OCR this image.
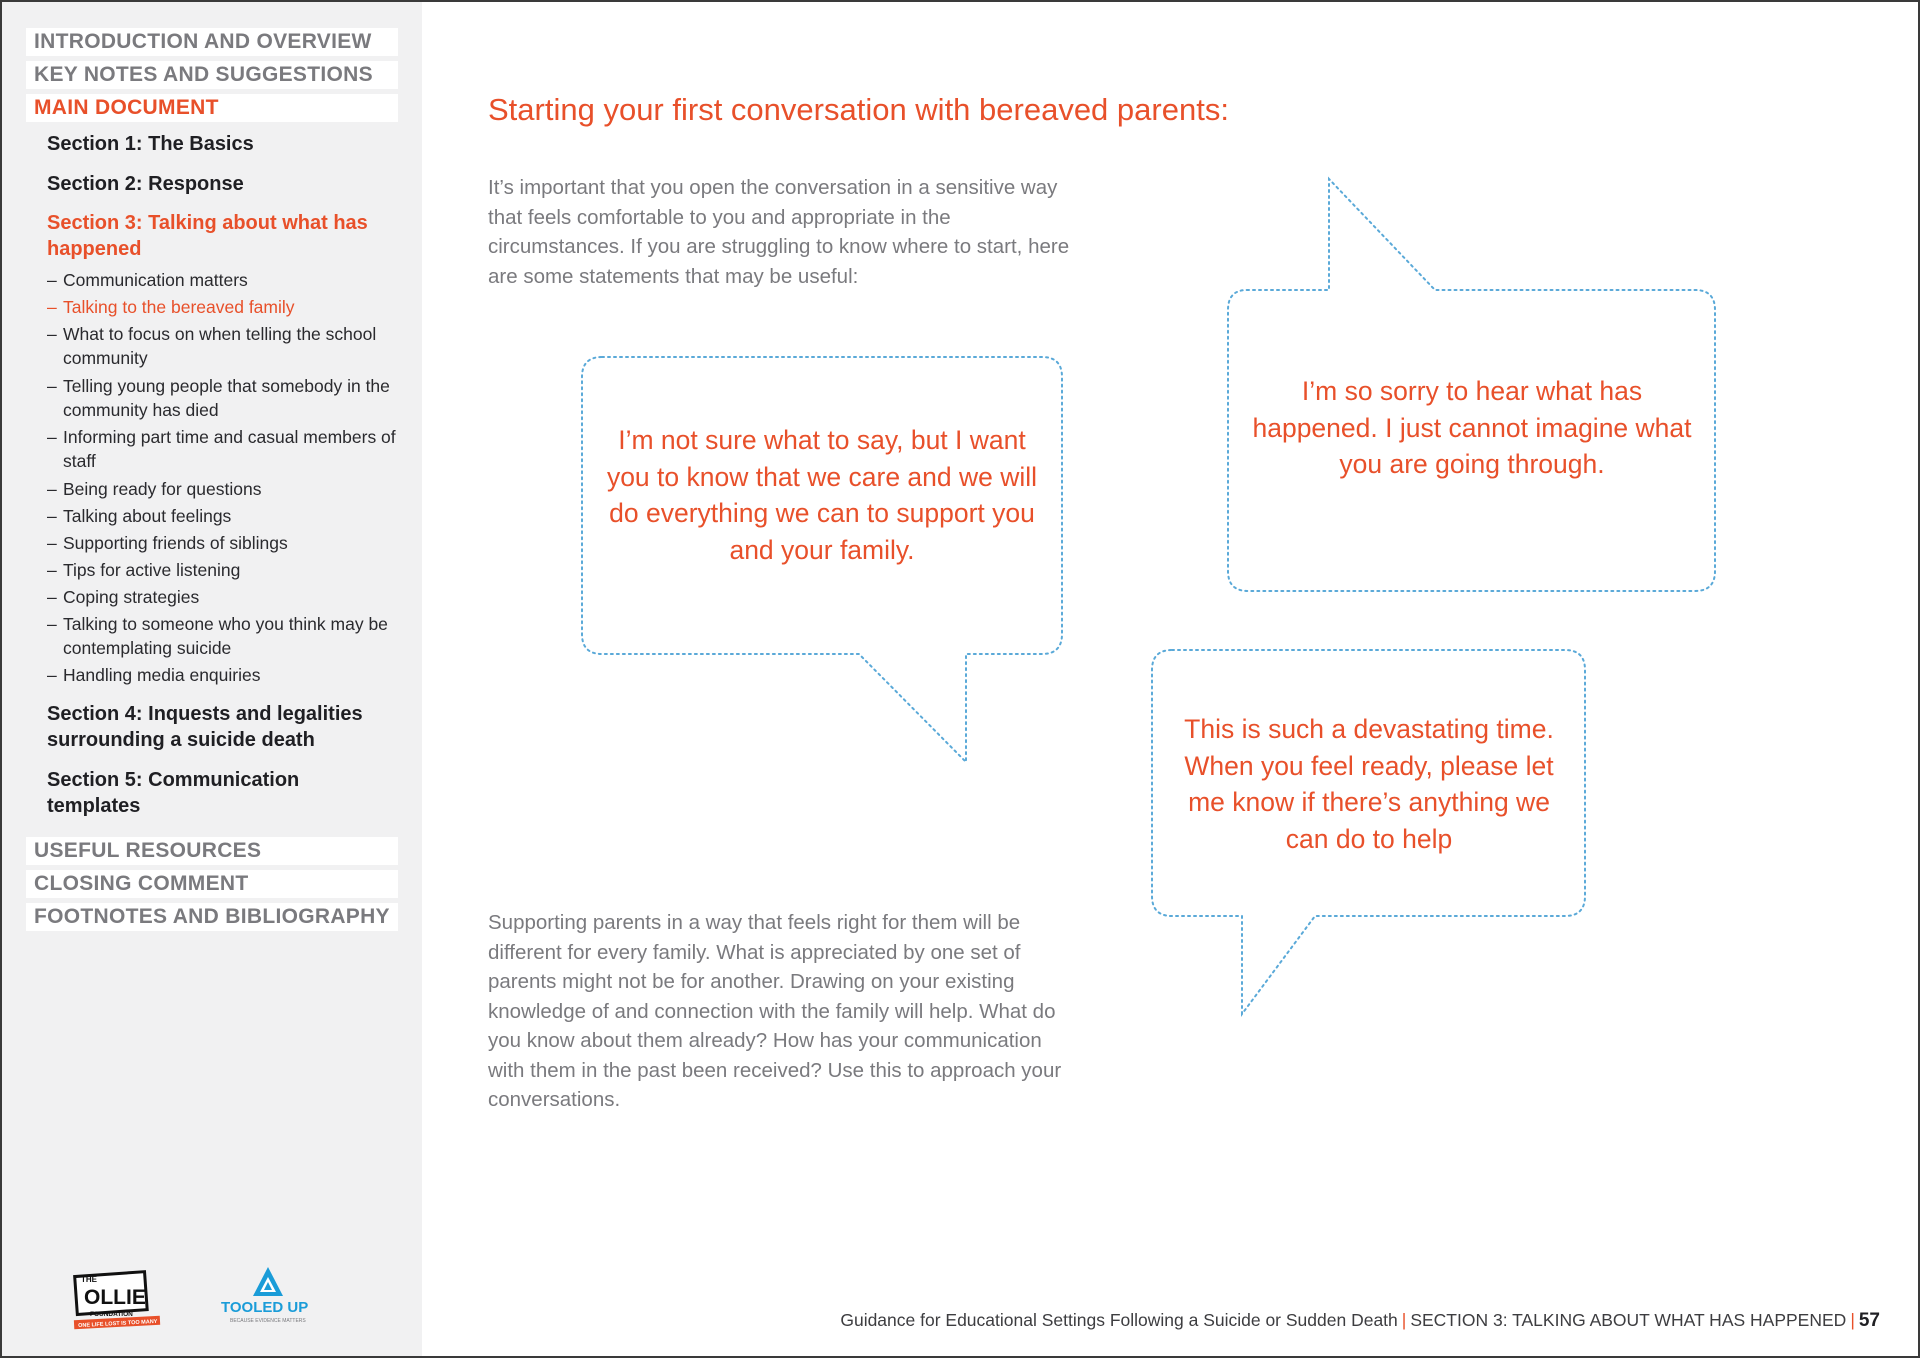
INTRODUCTION AND OVERVIEW
KEY NOTES AND SUGGESTIONS
MAIN DOCUMENT
Section 1: The Basics
Section 2: Response
Section 3: Talking about what has happened
– Communication matters
– Talking to the bereaved family
– What to focus on when telling the school community
– Telling young people that somebody in the community has died
– Informing part time and casual members of staff
– Being ready for questions
– Talking about feelings
– Supporting friends of siblings
– Tips for active listening
– Coping strategies
– Talking to someone who you think may be contemplating suicide
– Handling media enquiries
Section 4: Inquests and legalities surrounding a suicide death
Section 5: Communication templates
USEFUL RESOURCES
CLOSING COMMENT
FOOTNOTES AND BIBLIOGRAPHY
THE
OLLIE
FOUNDATION
ONE LIFE LOST IS TOO MANY
TOOLED UP
BECAUSE EVIDENCE MATTERS
Starting your first conversation with bereaved parents:
It’s important that you open the conversation in a sensitive way that feels comfortable to you and appropriate in the circumstances. If you are struggling to know where to start, here are some statements that may be useful:
I’m not sure what to say, but I want you to know that we care and we will do everything we can to support you and your family.
I’m so sorry to hear what has happened. I just cannot imagine what you are going through.
This is such a devastating time. When you feel ready, please let me know if there’s anything we can do to help
Supporting parents in a way that feels right for them will be different for every family. What is appreciated by one set of parents might not be for another. Drawing on your existing knowledge of and connection with the family will help. What do you know about them already? How has your communication with them in the past been received? Use this to approach your conversations.
Guidance for Educational Settings Following a Suicide or Sudden Death | SECTION 3: TALKING ABOUT WHAT HAS HAPPENED | 57
